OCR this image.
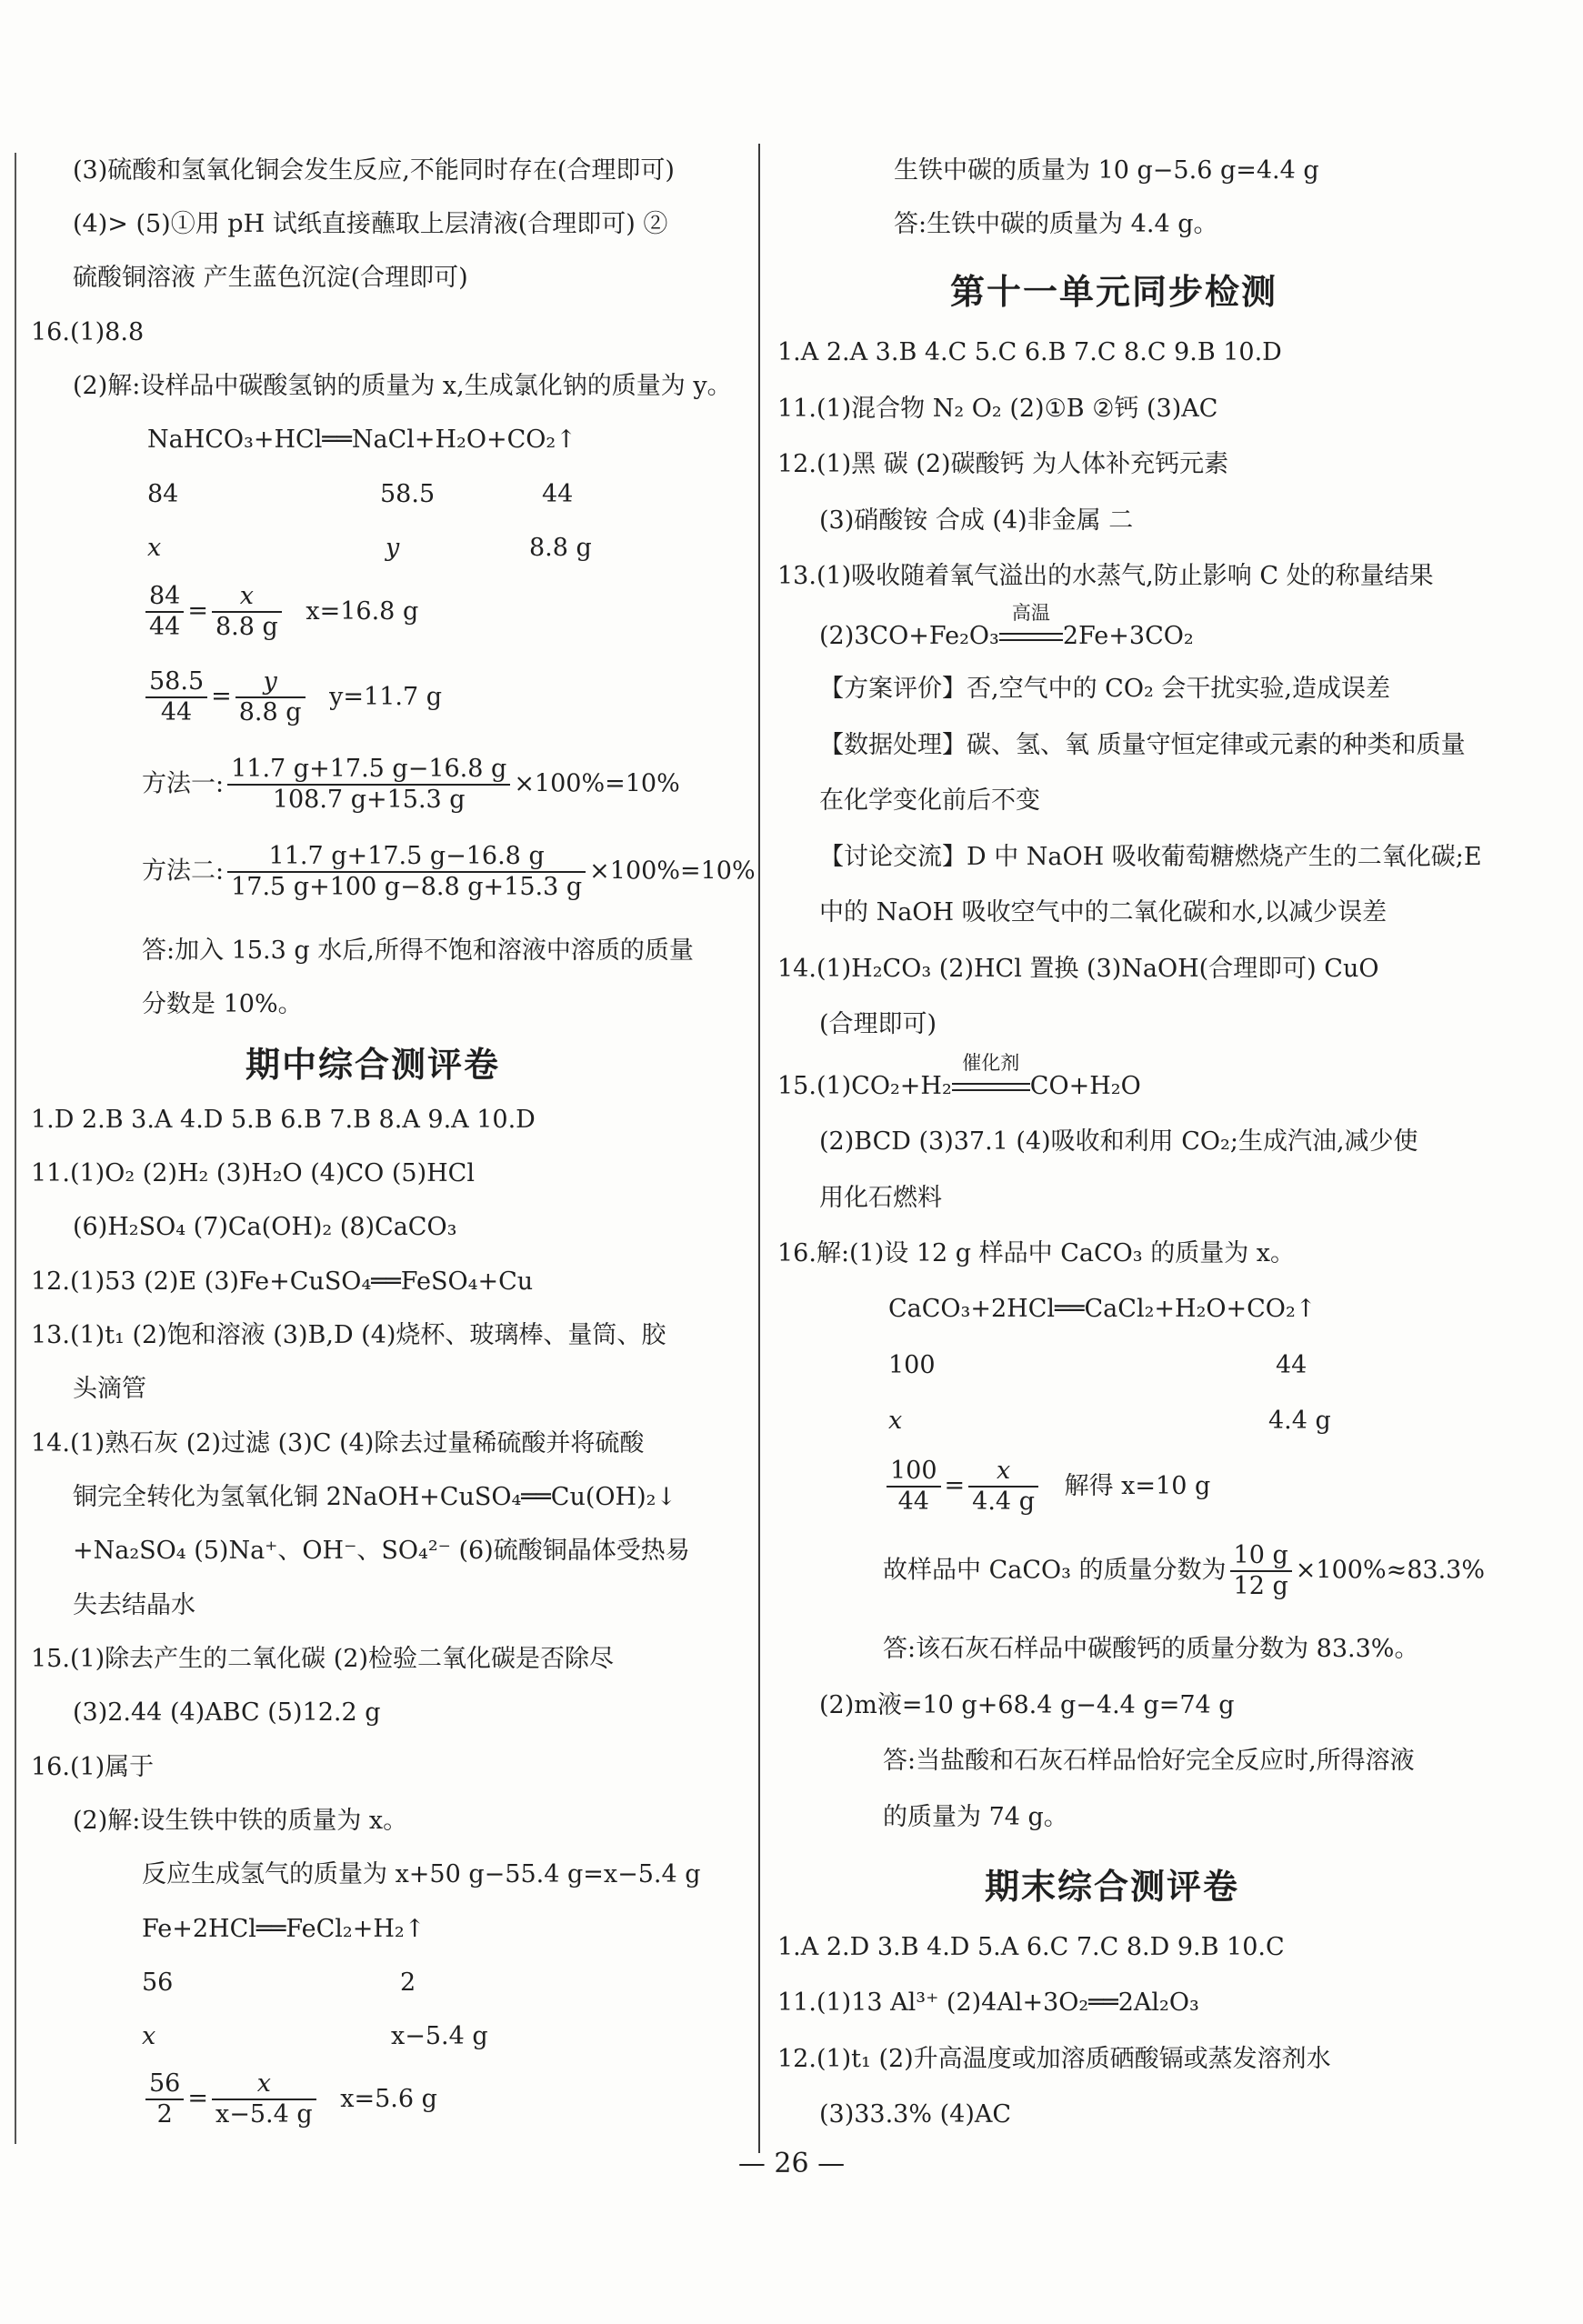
(3)硫酸和氢氧化铜会发生反应,不能同时存在(合理即可)
(4)> (5)①用 pH 试纸直接蘸取上层清液(合理即可) ②
硫酸铜溶液 产生蓝色沉淀(合理即可)
16.(1)8.8
(2)解:设样品中碳酸氢钠的质量为 x,生成氯化钠的质量为 y。
NaHCO₃+HCl══NaCl+H₂O+CO₂↑
84	58.5	44
x	y	8.8 g
$\frac{84}{44} = \frac{x}{8.8 g} x=16.8$ g
$\frac{58.5}{44} = \frac{y}{8.8 g} y=11.7$ g
方法一: $\frac{11.7 g+17.5 g-16.8 g}{108.7 g+15.3 g} \times 100\%=10\%$
方法二: $\frac{11.7 g+17.5 g-16.8 g}{17.5 g+100 g-8.8 g+15.3 g} \times 100\%=10\%$
答:加入 15.3 g 水后,所得不饱和溶液中溶质的质量
分数是 10%。
期中综合测评卷
1.D 2.B 3.A 4.D 5.B 6.B 7.B 8.A 9.A 10.D
11.(1)O₂ (2)H₂ (3)H₂O (4)CO (5)HCl
(6)H₂SO₄ (7)Ca(OH)₂ (8)CaCO₃
12.(1)53 (2)E (3)Fe+CuSO₄══FeSO₄+Cu
13.(1)t₁ (2)饱和溶液 (3)B,D (4)烧杯、玻璃棒、量筒、胶
头滴管
14.(1)熟石灰 (2)过滤 (3)C (4)除去过量稀硫酸并将硫酸
铜完全转化为氢氧化铜 2NaOH+CuSO₄══Cu(OH)₂↓
+Na₂SO₄ (5)Na⁺、OH⁻、SO₄²⁻ (6)硫酸铜晶体受热易
失去结晶水
15.(1)除去产生的二氧化碳 (2)检验二氧化碳是否除尽
(3)2.44 (4)ABC (5)12.2 g
16.(1)属于
(2)解:设生铁中铁的质量为 x。
反应生成氢气的质量为 x+50 g−55.4 g=x−5.4 g
Fe+2HCl══FeCl₂+H₂↑
56	2
x	x−5.4 g
$\frac{56}{2} = \frac{x}{x-5.4 g} x=5.6$ g
生铁中碳的质量为 10 g−5.6 g=4.4 g
答:生铁中碳的质量为 4.4 g。
第十一单元同步检测
1.A 2.A 3.B 4.C 5.C 6.B 7.C 8.C 9.B 10.D
11.(1)混合物 N₂ O₂ (2)①B ②钙 (3)AC
12.(1)黑 碳 (2)碳酸钙 为人体补充钙元素
(3)硝酸铵 合成 (4)非金属 二
13.(1)吸收随着氧气溢出的水蒸气,防止影响 C 处的称量结果
(2)3CO+Fe₂O₃
高温
2Fe+3CO₂
【方案评价】否,空气中的 CO₂ 会干扰实验,造成误差
【数据处理】碳、氢、氧 质量守恒定律或元素的种类和质量
在化学变化前后不变
【讨论交流】D 中 NaOH 吸收葡萄糖燃烧产生的二氧化碳;E
中的 NaOH 吸收空气中的二氧化碳和水,以减少误差
14.(1)H₂CO₃ (2)HCl 置换 (3)NaOH(合理即可) CuO
(合理即可)
15.(1)CO₂+H₂
催化剂
CO+H₂O
(2)BCD (3)37.1 (4)吸收和利用 CO₂;生成汽油,减少使
用化石燃料
16.解:(1)设 12 g 样品中 CaCO₃ 的质量为 x。
CaCO₃+2HCl══CaCl₂+H₂O+CO₂↑
100	44
x	4.4 g
$\frac{100}{44} = \frac{x}{4.4 g}$ 解得 x=10 g
故样品中 CaCO₃ 的质量分数为 $\frac{10 g}{12 g} \times 100\%\approx 83.3\%$
答:该石灰石样品中碳酸钙的质量分数为 83.3%。
(2)m液=10 g+68.4 g−4.4 g=74 g
答:当盐酸和石灰石样品恰好完全反应时,所得溶液
的质量为 74 g。
期末综合测评卷
1.A 2.D 3.B 4.D 5.A 6.C 7.C 8.D 9.B 10.C
11.(1)13 Al³⁺ (2)4Al+3O₂══2Al₂O₃
12.(1)t₁ (2)升高温度或加溶质硒酸镉或蒸发溶剂水
(3)33.3% (4)AC
— 26 —
